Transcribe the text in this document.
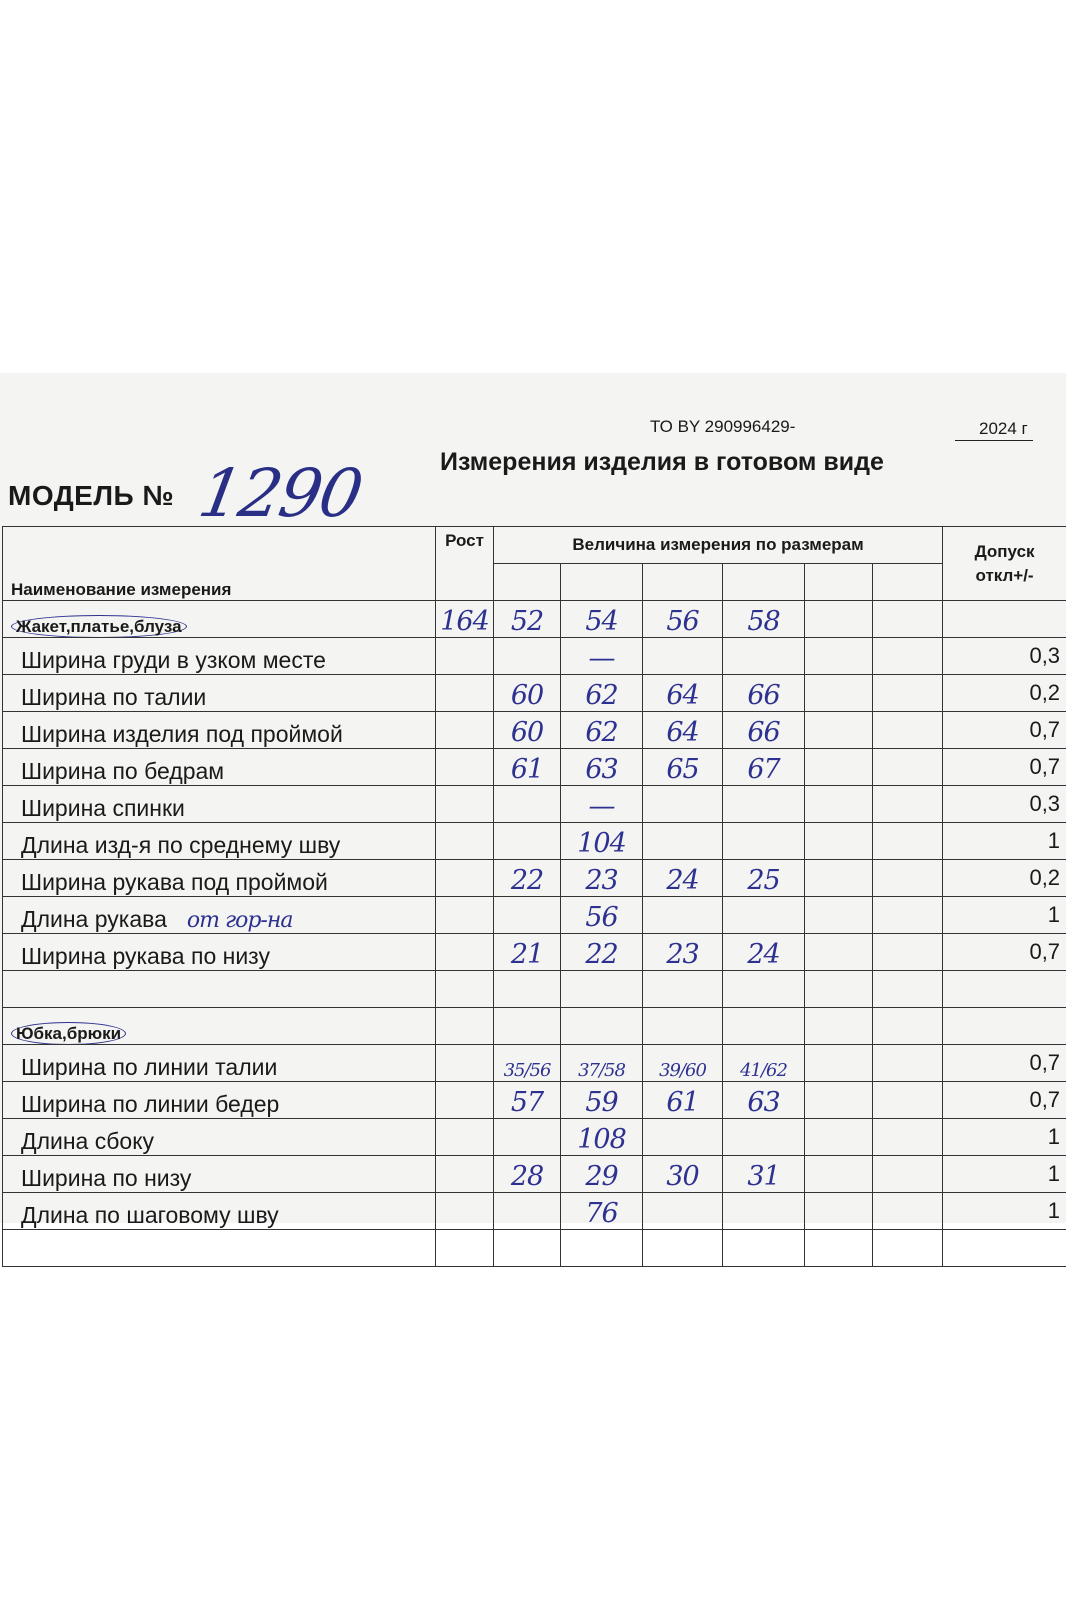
ТО BY 290996429-	2024 г
Измерения изделия в готовом виде
МОДЕЛЬ № 1290
Наименование измерения	Рост	Величина измерения по размерам						Допуск
откл+/-

Жакет,платье,блуза	164	52	54	56	58			
Ширина груди в узком месте			—					0,3
Ширина по талии		60	62	64	66			0,2
Ширина изделия под проймой		60	62	64	66			0,7
Ширина по бедрам		61	63	65	67			0,7
Ширина спинки			—					0,3
Длина изд-я по среднему шву			104					1
Ширина рукава под проймой		22	23	24	25			0,2
Длина рукава от гор-на			56					1
Ширина рукава по низу		21	22	23	24			0,7

Юбка,брюки								
Ширина по линии талии		35/56	37/58	39/60	41/62			0,7
Ширина по линии бедер		57	59	61	63			0,7
Длина сбоку			108					1
Ширина по низу		28	29	30	31			1
Длина по шаговому шву			76					1
